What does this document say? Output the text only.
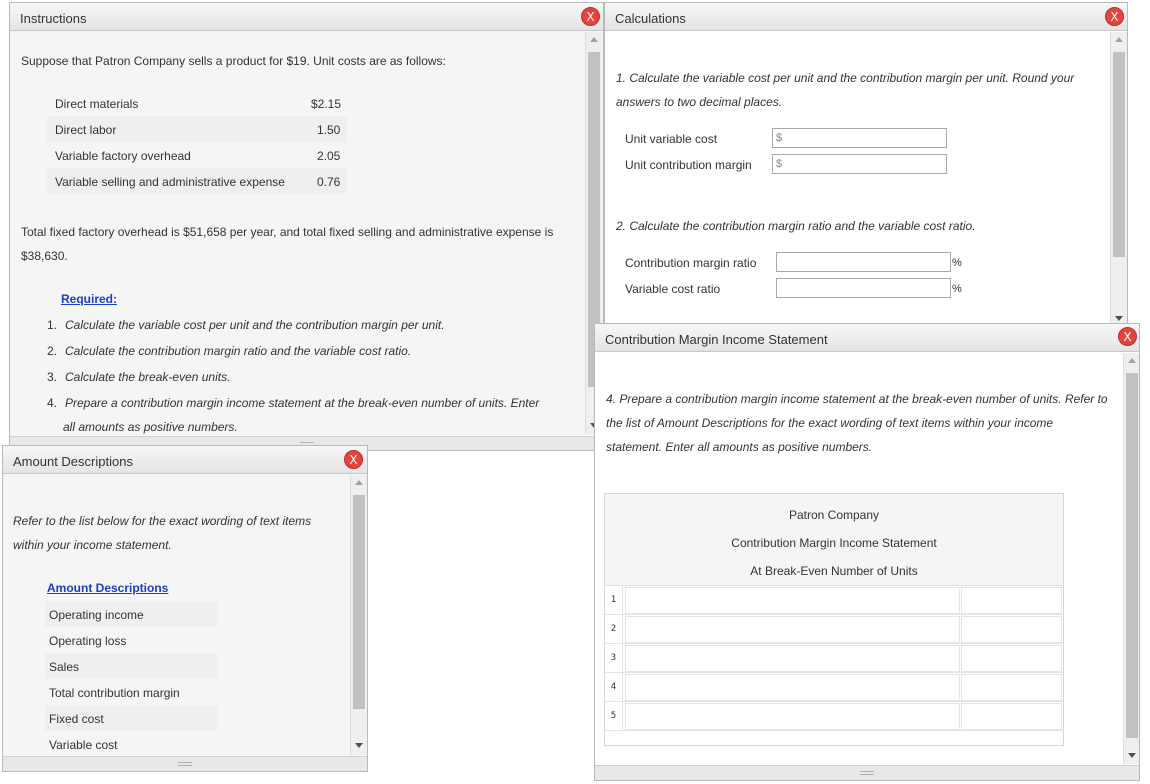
Instructions	X
Suppose that Patron Company sells a product for $19. Unit costs are as follows:
Direct materials	$2.15
Direct labor	1.50
Variable factory overhead	2.05
Variable selling and administrative expense	0.76
Total fixed factory overhead is $51,658 per year, and total fixed selling and administrative expense is
$38,630.
Required:
1. Calculate the variable cost per unit and the contribution margin per unit.
2. Calculate the contribution margin ratio and the variable cost ratio.
3. Calculate the break-even units.
4. Prepare a contribution margin income statement at the break-even number of units. Enter
all amounts as positive numbers.
Calculations	X
1. Calculate the variable cost per unit and the contribution margin per unit. Round your
answers to two decimal places.
Unit variable cost	$
Unit contribution margin $
2. Calculate the contribution margin ratio and the variable cost ratio.
Contribution margin ratio	%
Variable cost ratio	%
Amount Descriptions	X
Refer to the list below for the exact wording of text items
within your income statement.
Amount Descriptions
Operating income
Operating loss
Sales
Total contribution margin
Fixed cost
Variable cost
Contribution Margin Income Statement	X
4. Prepare a contribution margin income statement at the break-even number of units. Refer to
the list of Amount Descriptions for the exact wording of text items within your income
statement. Enter all amounts as positive numbers.
Patron Company
Contribution Margin Income Statement
At Break-Even Number of Units
1
2
3
4
5
